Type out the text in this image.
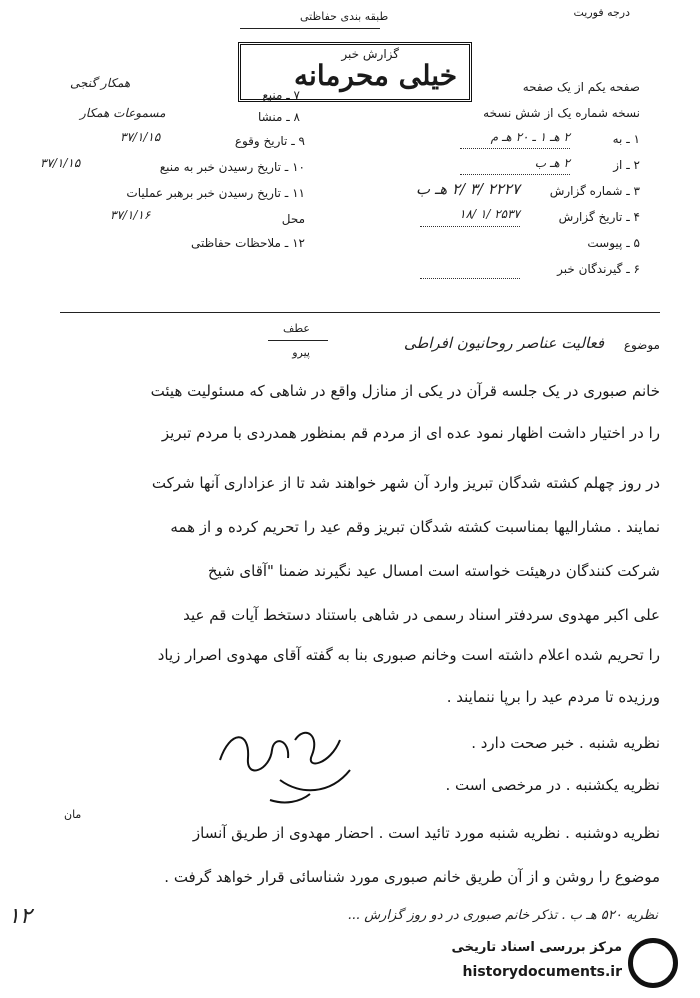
درجه فوریت
طبقه بندی حفاظتی
گزارش خبر
خیلی محرمانه	صفحه یکم از یک صفحه
نسخه شماره یک از شش نسخه
۱ ـ به
۲ هـ ۱ ـ ۲۰ هـ م
۲ ـ از
۲ هـ ب
۳ ـ شماره گزارش
۲۲۲۷ /۳ /۲ هـ ب
۴ ـ تاریخ گزارش
۲۵۳۷ /۱ /۱۸
۵ ـ پیوست
۶ ـ گیرندگان خبر
۷ ـ منبع
همکار گنجی
۸ ـ منشا
مسموعات همکار
۹ ـ تاریخ وقوع
۳۷/۱/۱۵
۱۰ ـ تاریخ رسیدن خبر به منبع
۳۷/۱/۱۵
۱۱ ـ تاریخ رسیدن خبر برهبر عملیات
محل
۳۷/۱/۱۶
۱۲ ـ ملاحظات حفاظتی
موضوع
فعالیت عناصر روحانیون افراطی
عطف
پیرو
خانم صبوری در یک جلسه قرآن در یکی از منازل واقع در شاهی که مسئولیت هیئت
را در اختیار داشت اظهار نمود عده ای از مردم قم بمنظور همدردی با مردم تبریز
در روز چهلم کشته شدگان تبریز وارد آن شهر خواهند شد تا از عزاداری آنها شرکت
نمایند . مشارالیها بمناسبت کشته شدگان تبریز وقم عید را تحریم کرده و از همه
شرکت کنندگان درهیئت خواسته است امسال عید نگیرند ضمنا "آقای شیخ
علی اکبر مهدوی سردفتر اسناد رسمی در شاهی باستناد دستخط آیات قم عید
را تحریم شده اعلام داشته است وخانم صبوری بنا به گفته آقای مهدوی اصرار زیاد
ورزیده تا مردم عید را برپا ننمایند .
نظریه شنبه . خبر صحت دارد .
نظریه یکشنبه . در مرخصی است .
مان
نظریه دوشنبه . نظریه شنبه مورد تائید است . احضار مهدوی از طریق آنساز
موضوع را روشن و از آن طریق خانم صبوری مورد شناسائی قرار خواهد گرفت .
نظریه ۵۲۰ هـ ب . تذکر خانم صبوری در دو روز گزارش ...
١٢
مرکز بررسی اسناد تاریخی
historydocuments.ir
